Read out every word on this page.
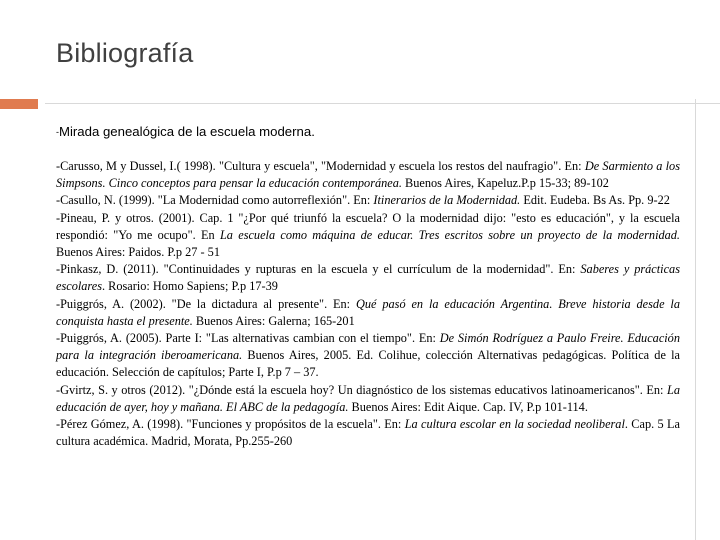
Bibliografía

-Mirada genealógica de la escuela moderna.

-Carusso, M y Dussel, I.( 1998). "Cultura y escuela", "Modernidad y escuela los restos del naufragio". En: De Sarmiento a los Simpsons. Cinco conceptos para pensar la educación contemporánea. Buenos Aires, Kapeluz.P.p 15-33; 89-102

-Casullo, N. (1999). "La Modernidad como autorreflexión". En: Itinerarios de la Modernidad. Edit. Eudeba. Bs As. Pp. 9-22

-Pineau, P. y otros. (2001). Cap. 1 "¿Por qué triunfó la escuela? O la modernidad dijo: "esto es educación", y la escuela respondió: "Yo me ocupo". En La escuela como máquina de educar. Tres escritos sobre un proyecto de la modernidad. Buenos Aires: Paidos. P.p 27 - 51

-Pinkasz, D. (2011). "Continuidades y rupturas en la escuela y el currículum de la modernidad". En: Saberes y prácticas escolares. Rosario: Homo Sapiens; P.p 17-39

-Puiggrós, A. (2002). "De la dictadura al presente". En: Qué pasó en la educación Argentina. Breve historia desde la conquista hasta el presente. Buenos Aires: Galerna; 165-201

-Puiggrós, A. (2005). Parte I: "Las alternativas cambian con el tiempo". En: De Simón Rodríguez a Paulo Freire. Educación para la integración iberoamericana. Buenos Aires, 2005. Ed. Colihue, colección Alternativas pedagógicas. Política de la educación. Selección de capítulos; Parte I, P.p 7 – 37.

-Gvirtz, S. y otros (2012). "¿Dónde está la escuela hoy? Un diagnóstico de los sistemas educativos latinoamericanos". En: La educación de ayer, hoy y mañana. El ABC de la pedagogía. Buenos Aires: Edit Aique. Cap. IV, P.p 101-114.

-Pérez Gómez, A. (1998). "Funciones y propósitos de la escuela". En: La cultura escolar en la sociedad neoliberal. Cap. 5 La cultura académica. Madrid, Morata, Pp.255-260
